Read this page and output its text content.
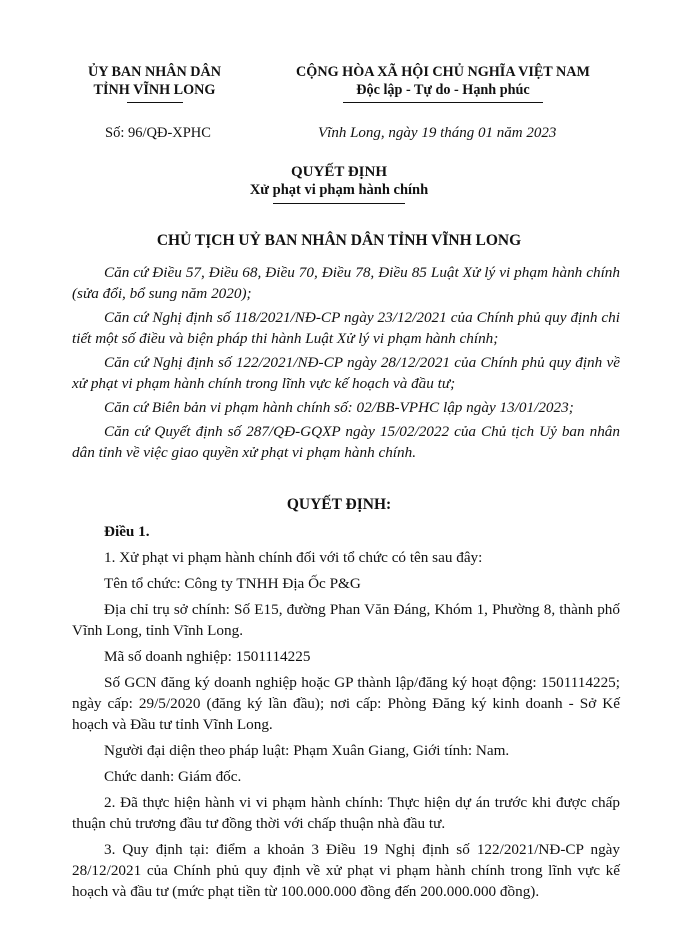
ỦY BAN NHÂN DÂN
TỈNH VĨNH LONG
CỘNG HÒA XÃ HỘI CHỦ NGHĨA VIỆT NAM
Độc lập - Tự do - Hạnh phúc
Số: 96/QĐ-XPHC	Vĩnh Long, ngày 19 tháng 01 năm 2023
QUYẾT ĐỊNH
Xử phạt vi phạm hành chính
CHỦ TỊCH UỶ BAN NHÂN DÂN TỈNH VĨNH LONG

Căn cứ Điều 57, Điều 68, Điều 70, Điều 78, Điều 85 Luật Xử lý vi phạm hành chính (sửa đổi, bổ sung năm 2020);

Căn cứ Nghị định số 118/2021/NĐ-CP ngày 23/12/2021 của Chính phủ quy định chi tiết một số điều và biện pháp thi hành Luật Xử lý vi phạm hành chính;

Căn cứ Nghị định số 122/2021/NĐ-CP ngày 28/12/2021 của Chính phủ quy định về xử phạt vi phạm hành chính trong lĩnh vực kế hoạch và đầu tư;

Căn cứ Biên bản vi phạm hành chính số: 02/BB-VPHC lập ngày 13/01/2023;

Căn cứ Quyết định số 287/QĐ-GQXP ngày 15/02/2022 của Chủ tịch Uỷ ban nhân dân tỉnh về việc giao quyền xử phạt vi phạm hành chính.

QUYẾT ĐỊNH:

Điều 1.

1. Xử phạt vi phạm hành chính đối với tổ chức có tên sau đây:

Tên tổ chức: Công ty TNHH Địa Ốc P&G

Địa chỉ trụ sở chính: Số E15, đường Phan Văn Đáng, Khóm 1, Phường 8, thành phố Vĩnh Long, tỉnh Vĩnh Long.

Mã số doanh nghiệp: 1501114225

Số GCN đăng ký doanh nghiệp hoặc GP thành lập/đăng ký hoạt động: 1501114225; ngày cấp: 29/5/2020 (đăng ký lần đầu); nơi cấp: Phòng Đăng ký kinh doanh - Sở Kế hoạch và Đầu tư tỉnh Vĩnh Long.

Người đại diện theo pháp luật: Phạm Xuân Giang, Giới tính: Nam.

Chức danh: Giám đốc.

2. Đã thực hiện hành vi vi phạm hành chính: Thực hiện dự án trước khi được chấp thuận chủ trương đầu tư đồng thời với chấp thuận nhà đầu tư.

3. Quy định tại: điểm a khoản 3 Điều 19 Nghị định số 122/2021/NĐ-CP ngày 28/12/2021 của Chính phủ quy định về xử phạt vi phạm hành chính trong lĩnh vực kế hoạch và đầu tư (mức phạt tiền từ 100.000.000 đồng đến 200.000.000 đồng).
